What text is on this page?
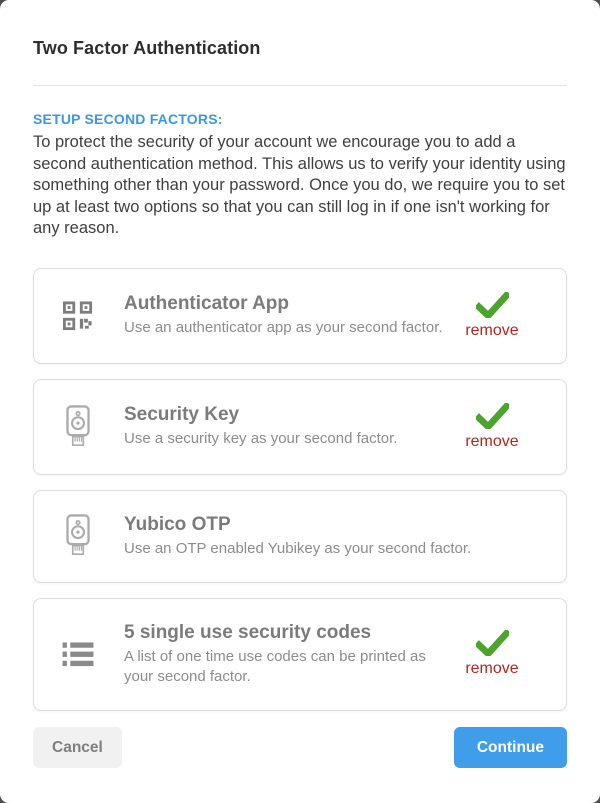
Two Factor Authentication
SETUP SECOND FACTORS:

To protect the security of your account we encourage you to add a second authentication method. This allows us to verify your identity using something other than your password. Once you do, we require you to set up at least two options so that you can still log in if one isn't working for any reason.

Authenticator App
Use an authenticator app as your second factor. remove
Security Key
Use a security key as your second factor.	remove
Yubico OTP
Use an OTP enabled Yubikey as your second factor.
5 single use security codes
A list of one time use codes can be printed as your second factor.	remove
Cancel	Continue
